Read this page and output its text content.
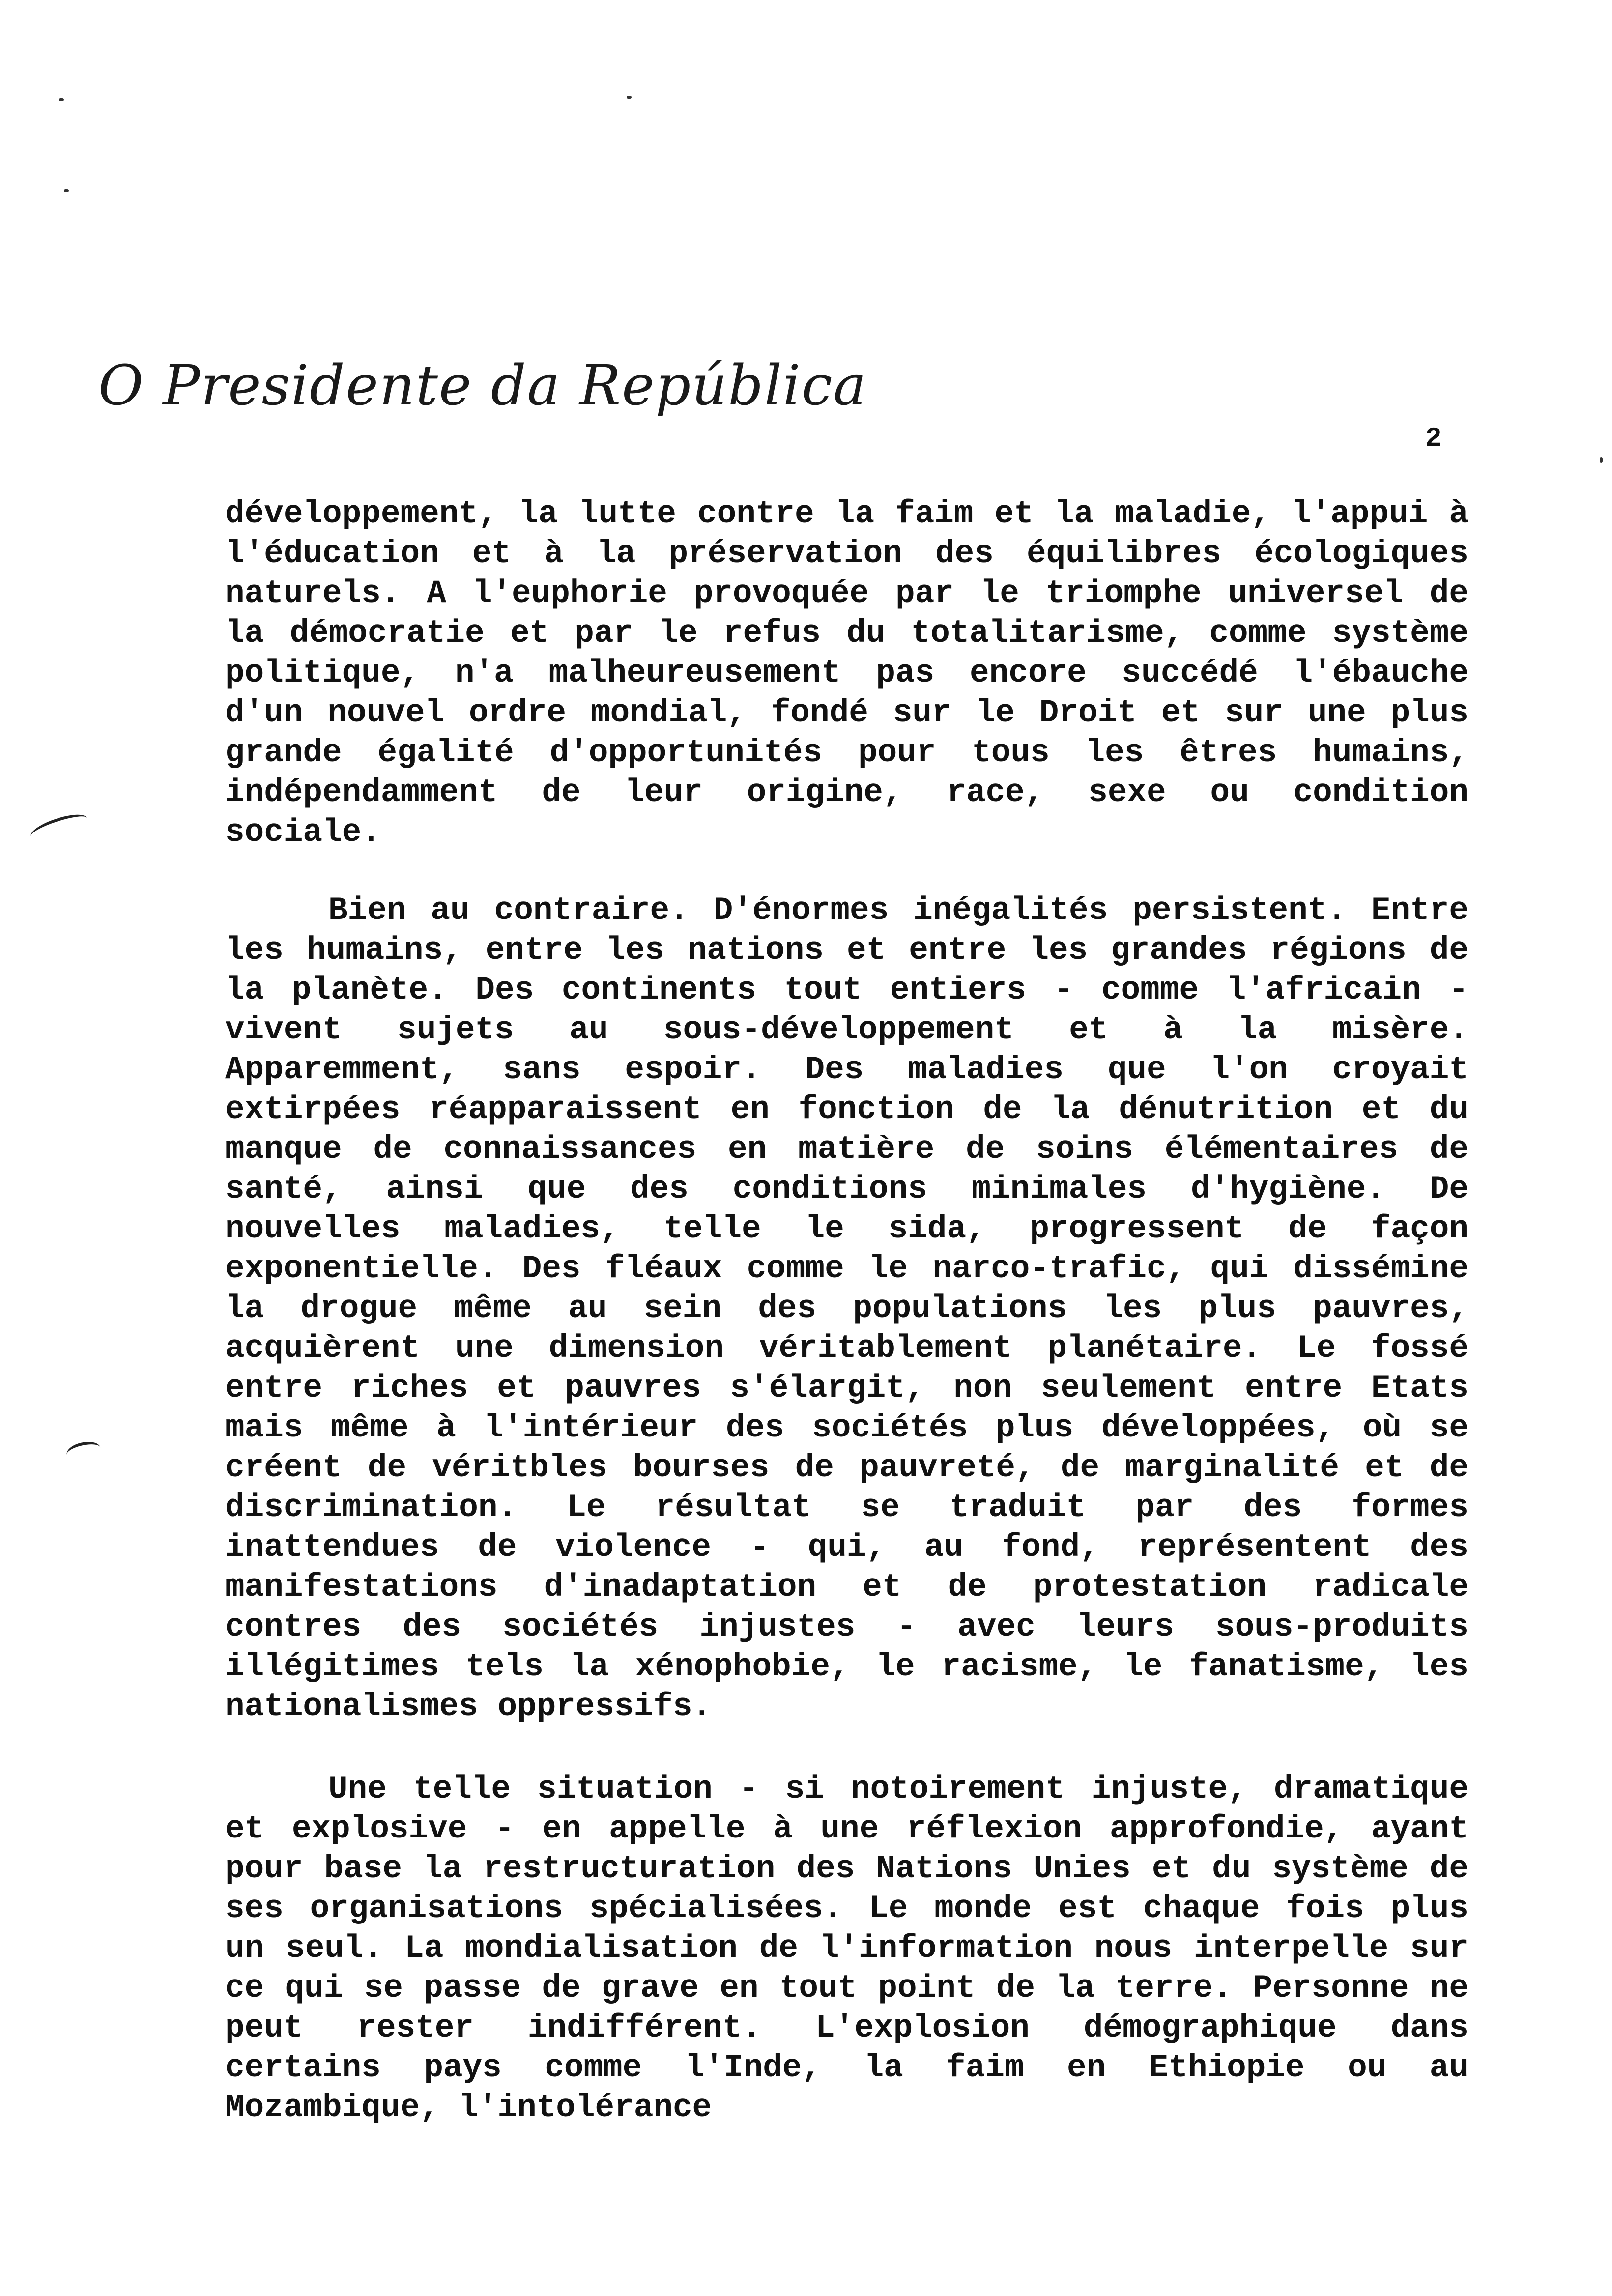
O Presidente da República
2
développement, la lutte contre la faim et la maladie, l'appui à l'éducation et à la préservation des équilibres écologiques naturels. A l'euphorie provoquée par le triomphe universel de la démocratie et par le refus du totalitarisme, comme système politique, n'a malheureusement pas encore succédé l'ébauche d'un nouvel ordre mondial, fondé sur le Droit et sur une plus grande égalité d'opportunités pour tous les êtres humains, indépendamment de leur origine, race, sexe ou condition sociale.
Bien au contraire. D'énormes inégalités persistent. Entre les humains, entre les nations et entre les grandes régions de la planète. Des continents tout entiers - comme l'africain - vivent sujets au sous-développement et à la misère. Apparemment, sans espoir. Des maladies que l'on croyait extirpées réapparaissent en fonction de la dénutrition et du manque de connaissances en matière de soins élémentaires de santé, ainsi que des conditions minimales d'hygiène. De nouvelles maladies, telle le sida, progressent de façon exponentielle. Des fléaux comme le narco-trafic, qui dissémine la drogue même au sein des populations les plus pauvres, acquièrent une dimension véritablement planétaire. Le fossé entre riches et pauvres s'élargit, non seulement entre Etats mais même à l'intérieur des sociétés plus développées, où se créent de véritbles bourses de pauvreté, de marginalité et de discrimination. Le résultat se traduit par des formes inattendues de violence - qui, au fond, représentent des manifestations d'inadaptation et de protestation radicale contres des sociétés injustes - avec leurs sous-produits illégitimes tels la xénophobie, le racisme, le fanatisme, les nationalismes oppressifs.
Une telle situation - si notoirement injuste, dramatique et explosive - en appelle à une réflexion approfondie, ayant pour base la restructuration des Nations Unies et du système de ses organisations spécialisées. Le monde est chaque fois plus un seul. La mondialisation de l'information nous interpelle sur ce qui se passe de grave en tout point de la terre. Personne ne peut rester indifférent. L'explosion démographique dans certains pays comme l'Inde, la faim en Ethiopie ou au Mozambique, l'intolérance
